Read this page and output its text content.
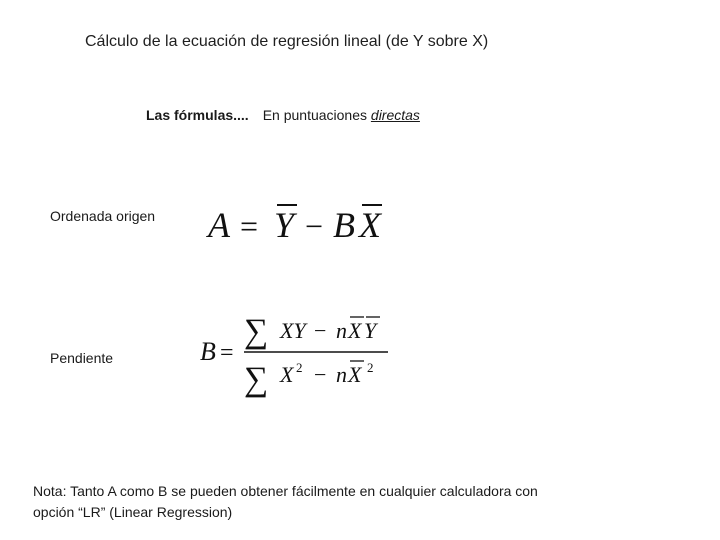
Cálculo de la ecuación de regresión lineal (de Y sobre X)
Las fórmulas.... En puntuaciones directas
Ordenada origen A = Y − B X
Pendiente	B =
∑ XY − n X Y
∑ X 2 − n X 2
Nota: Tanto A como B se pueden obtener fácilmente en cualquier calculadora con
opción “LR” (Linear Regression)
